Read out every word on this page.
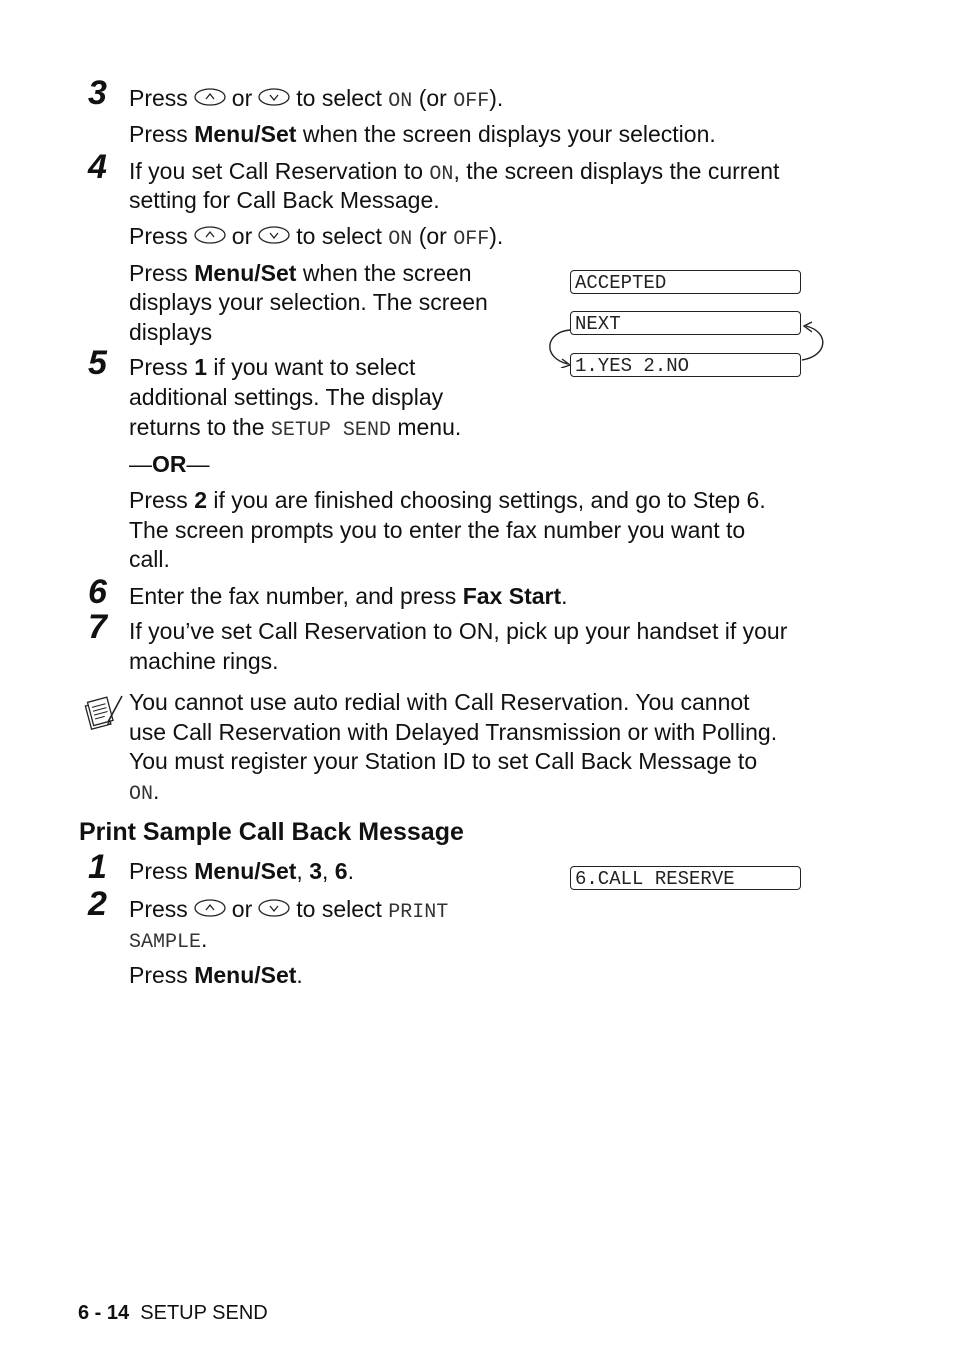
3 Press or to select ON (or OFF).
Press Menu/Set when the screen displays your selection.
4 If you set Call Reservation to ON, the screen displays the current
setting for Call Back Message.
Press or to select ON (or OFF).
Press Menu/Set when the screen
displays your selection. The screen
displays
ACCEPTED
NEXT
1.YES 2.NO
5 Press 1 if you want to select
additional settings. The display
returns to the SETUP SEND menu.
—OR—
Press 2 if you are finished choosing settings, and go to Step 6.
The screen prompts you to enter the fax number you want to
call.
6 Enter the fax number, and press Fax Start.
7 If you’ve set Call Reservation to ON, pick up your handset if your
machine rings.
You cannot use auto redial with Call Reservation. You cannot
use Call Reservation with Delayed Transmission or with Polling.
You must register your Station ID to set Call Back Message to
ON.
Print Sample Call Back Message
1 Press Menu/Set, 3, 6.	6.CALL RESERVE
2 Press or to select PRINT
SAMPLE.
Press Menu/Set.
6 - 14 SETUP SEND
